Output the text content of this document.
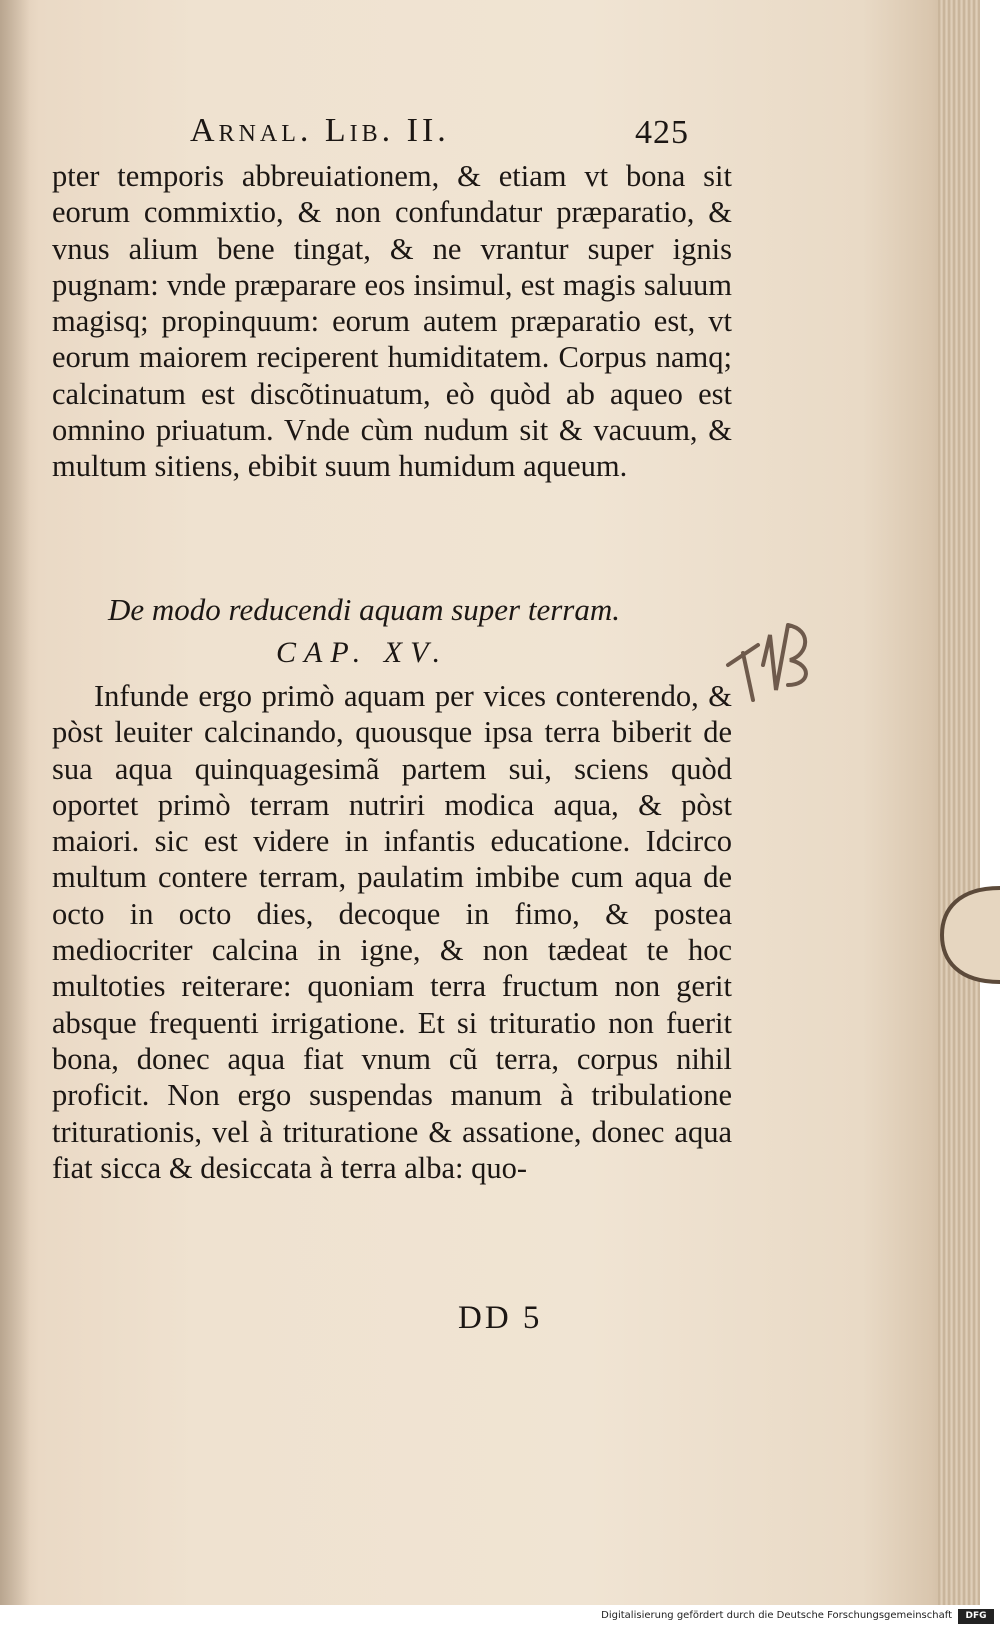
Arnal. Lib. II.	425
pter temporis abbreuiationem, & etiam vt bona sit eorum commixtio, & non confundatur præparatio, & vnus alium bene tingat, & ne vrantur super ignis pugnam: vnde præparare eos insimul, est magis saluum magisq; propinquum: eorum autem præparatio est, vt eorum maiorem reciperent humiditatem. Corpus namq; calcinatum est discõtinuatum, eò quòd ab aqueo est omnino priuatum. Vnde cùm nudum sit & vacuum, & multum sitiens, ebibit suum humidum aqueum.
De modo reducendi aquam super terram.
CAP. XV.
Infunde ergo primò aquam per vices conterendo, & pòst leuiter calcinando, quousque ipsa terra biberit de sua aqua quinquagesimã partem sui, sciens quòd oportet primò terram nutriri modica aqua, & pòst maiori. sic est videre in infantis educatione. Idcirco multum contere terram, paulatim imbibe cum aqua de octo in octo dies, decoque in fimo, & postea mediocriter calcina in igne, & non tædeat te hoc multoties reiterare: quoniam terra fructum non gerit absque frequenti irrigatione. Et si trituratio non fuerit bona, donec aqua fiat vnum cũ terra, corpus nihil proficit. Non ergo suspendas manum à tribulatione triturationis, vel à trituratione & assatione, donec aqua fiat sicca & desiccata à terra alba: quo-
DD 5
Digitalisierung gefördert durch die Deutsche Forschungsgemeinschaft	DFG
